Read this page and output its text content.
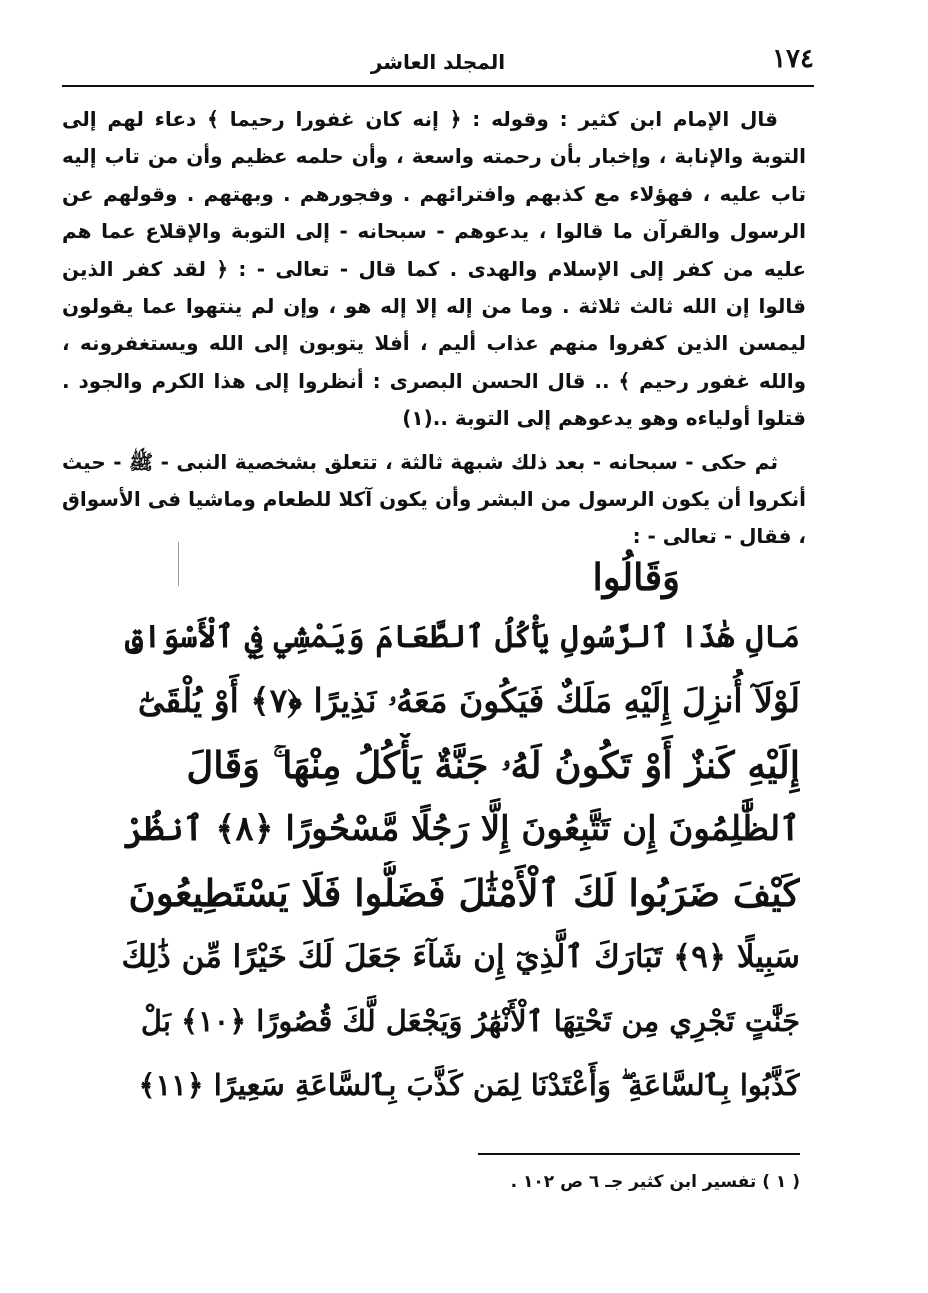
١٧٤
المجلد العاشر

قال الإمام ابن كثير : وقوله : ﴿ إنه كان غفورا رحيما ﴾ دعاء لهم إلى التوبة والإنابة ، وإخبار بأن رحمته واسعة ، وأن حلمه عظيم وأن من تاب إليه تاب عليه ، فهؤلاء مع كذبهم وافترائهم . وفجورهم . وبهتهم . وقولهم عن الرسول والقرآن ما قالوا ، يدعوهم - سبحانه - إلى التوبة والإقلاع عما هم عليه من كفر إلى الإسلام والهدى . كما قال - تعالى - : ﴿ لقد كفر الذين قالوا إن الله ثالث ثلاثة . وما من إله إلا إله هو ، وإن لم ينتهوا عما يقولون ليمسن الذين كفروا منهم عذاب أليم ، أفلا يتوبون إلى الله ويستغفرونه ، والله غفور رحيم ﴾ .. قال الحسن البصرى : أنظروا إلى هذا الكرم والجود . قتلوا أولياءه وهو يدعوهم إلى التوبة ..(١)

ثم حكى - سبحانه - بعد ذلك شبهة ثالثة ، تتعلق بشخصية النبى - ﷺ - حيث أنكروا أن يكون الرسول من البشر وأن يكون آكلا للطعام وماشيا فى الأسواق ، فقال - تعالى - :

وَقَالُوا
مَالِ هَٰذَا ٱلرَّسُولِ يَأْكُلُ ٱلطَّعَامَ وَيَمْشِي فِي ٱلْأَسْوَاقِ
لَوْلَآ أُنزِلَ إِلَيْهِ مَلَكٌ فَيَكُونَ مَعَهُۥ نَذِيرًا ﴿٧﴾ أَوْ يُلْقَىٰٓ
إِلَيْهِ كَنزٌ أَوْ تَكُونُ لَهُۥ جَنَّةٌ يَأْكُلُ مِنْهَا ۚ وَقَالَ
ٱلظَّٰلِمُونَ إِن تَتَّبِعُونَ إِلَّا رَجُلًا مَّسْحُورًا ﴿٨﴾ ٱنظُرْ
كَيْفَ ضَرَبُوا لَكَ ٱلْأَمْثَٰلَ فَضَلُّوا فَلَا يَسْتَطِيعُونَ
سَبِيلًا ﴿٩﴾ تَبَارَكَ ٱلَّذِيٓ إِن شَآءَ جَعَلَ لَكَ خَيْرًا مِّن ذَٰلِكَ
جَنَّٰتٍ تَجْرِي مِن تَحْتِهَا ٱلْأَنْهَٰرُ وَيَجْعَل لَّكَ قُصُورًا ﴿١٠﴾ بَلْ
كَذَّبُوا بِٱلسَّاعَةِ ۖ وَأَعْتَدْنَا لِمَن كَذَّبَ بِٱلسَّاعَةِ سَعِيرًا ﴿١١﴾
( ١ ) تفسير ابن كثير جـ ٦ ص ١٠٢ .
